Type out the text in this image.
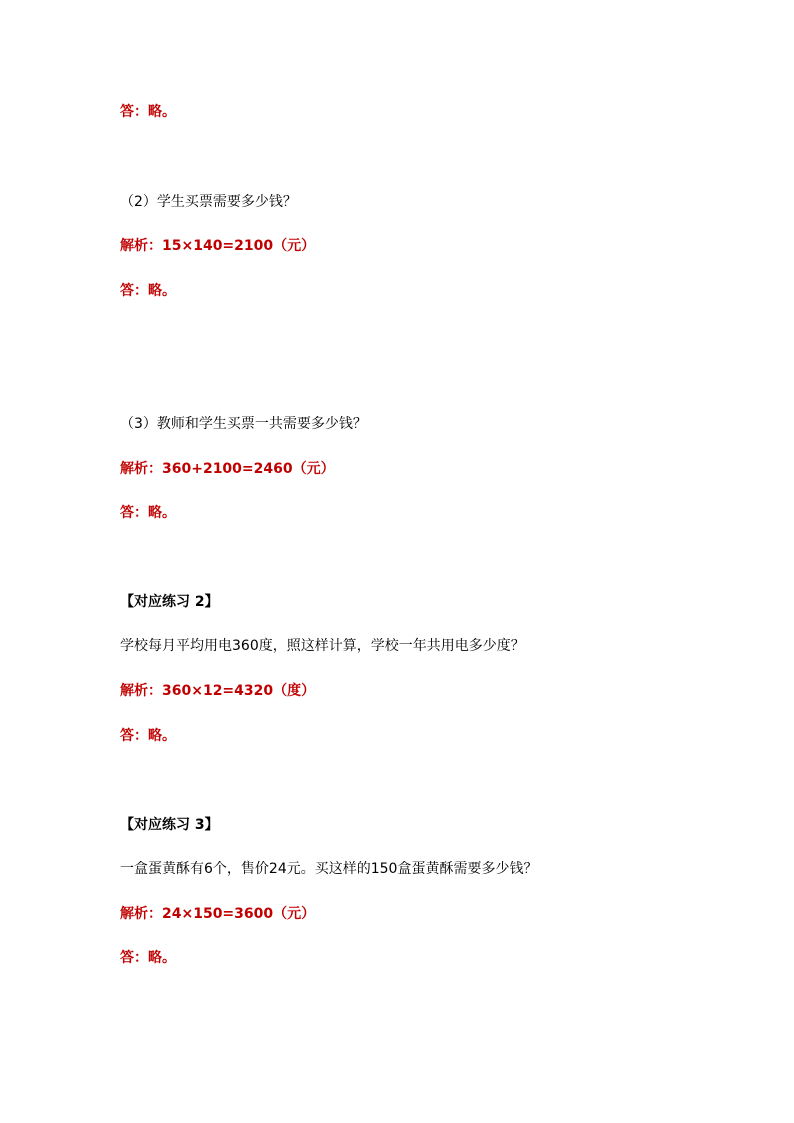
答：略。
（2）学生买票需要多少钱？
解析：15×140=2100（元）
答：略。
（3）教师和学生买票一共需要多少钱？
解析：360+2100=2460（元）
答：略。
【对应练习 2】
学校每月平均用电360度，照这样计算，学校一年共用电多少度？
解析：360×12=4320（度）
答：略。
【对应练习 3】
一盒蛋黄酥有6个，售价24元。买这样的150盒蛋黄酥需要多少钱？
解析：24×150=3600（元）
答：略。
